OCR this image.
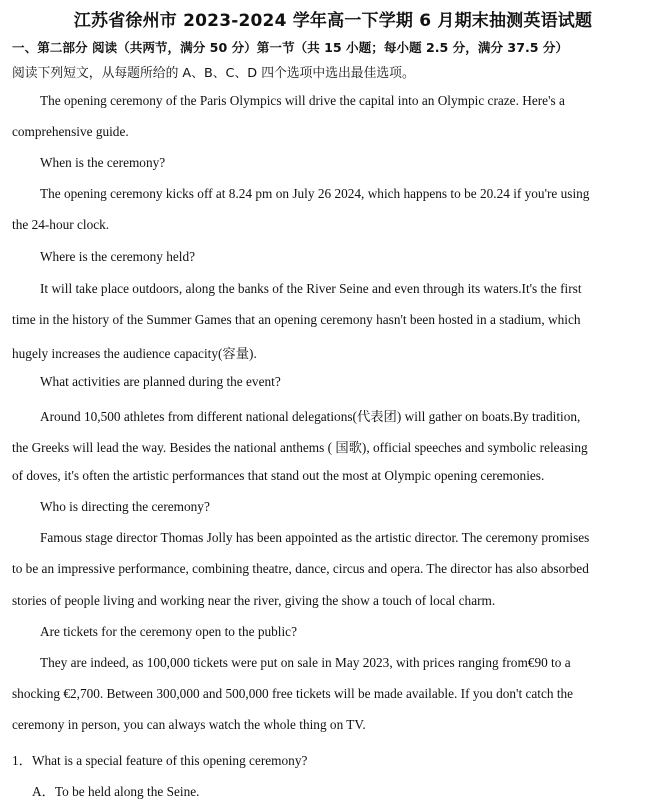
江苏省徐州市 2023-2024 学年高一下学期 6 月期末抽测英语试题
一、第二部分 阅读（共两节，满分 50 分）第一节（共 15 小题；每小题 2.5 分，满分 37.5 分）
阅读下列短文，从每题所给的 A、B、C、D 四个选项中选出最佳选项。
The opening ceremony of the Paris Olympics will drive the capital into an Olympic craze. Here's a
comprehensive guide.
When is the ceremony?
The opening ceremony kicks off at 8.24 pm on July 26 2024, which happens to be 20.24 if you're using
the 24-hour clock.
Where is the ceremony held?
It will take place outdoors, along the banks of the River Seine and even through its waters.It's the first
time in the history of the Summer Games that an opening ceremony hasn't been hosted in a stadium, which
hugely increases the audience capacity(容量).
What activities are planned during the event?
Around 10,500 athletes from different national delegations(代表团) will gather on boats.By tradition,
the Greeks will lead the way. Besides the national anthems ( 国歌), official speeches and symbolic releasing
of doves, it's often the artistic performances that stand out the most at Olympic opening ceremonies.
Who is directing the ceremony?
Famous stage director Thomas Jolly has been appointed as the artistic director. The ceremony promises
to be an impressive performance, combining theatre, dance, circus and opera. The director has also absorbed
stories of people living and working near the river, giving the show a touch of local charm.
Are tickets for the ceremony open to the public?
They are indeed, as 100,000 tickets were put on sale in May 2023, with prices ranging from€90 to a
shocking €2,700. Between 300,000 and 500,000 free tickets will be made available. If you don't catch the
ceremony in person, you can always watch the whole thing on TV.
1．What is a special feature of this opening ceremony?
A．To be held along the Seine.
